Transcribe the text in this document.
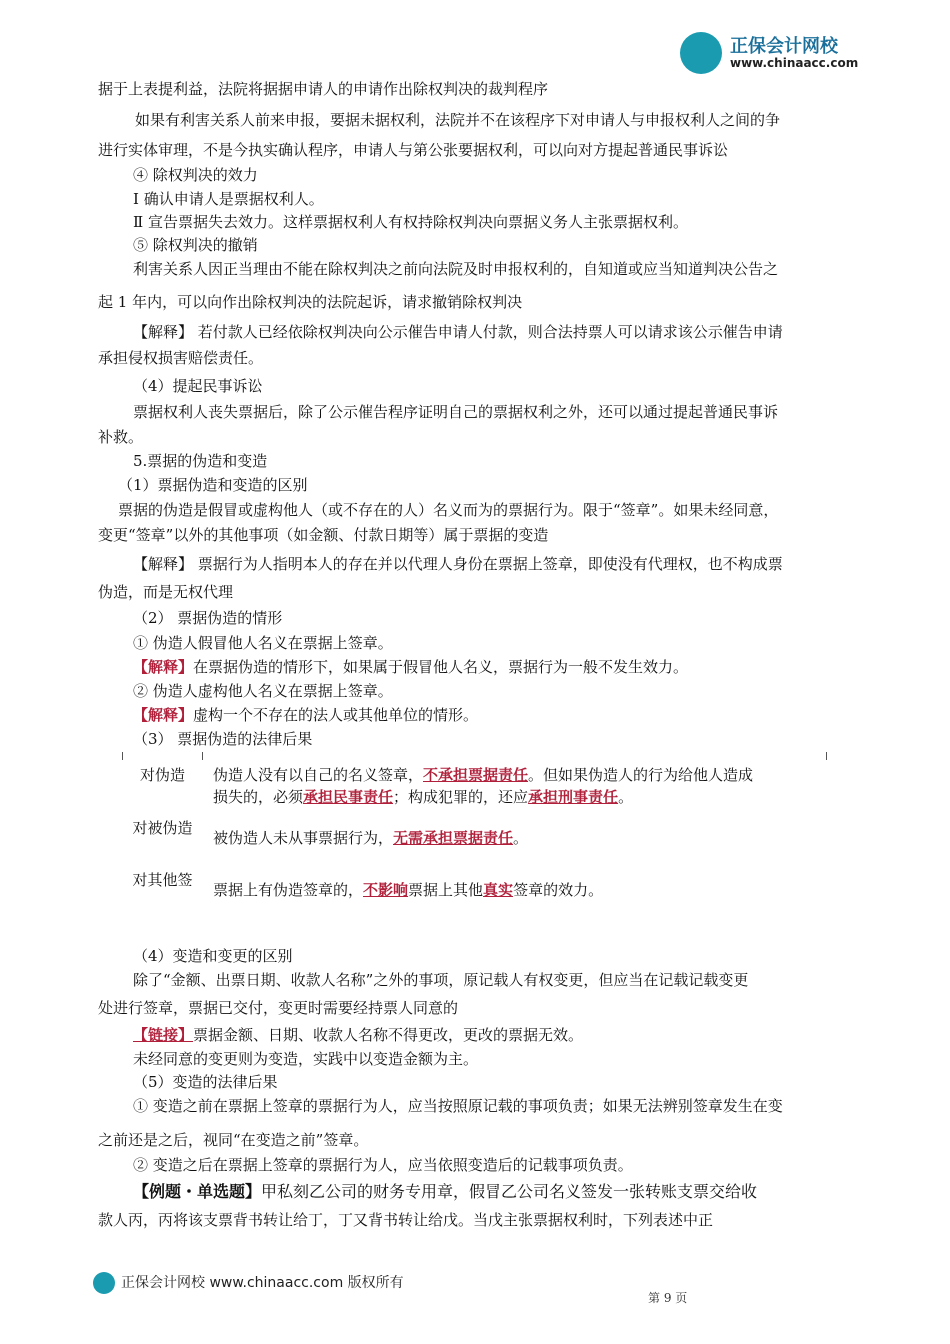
正保会计网校
www.chinaacc.com
据于上表提利益，法院将据据申请人的申请作出除权判决的裁判程序
如果有利害关系人前来申报，要据未据权利，法院并不在该程序下对申请人与申报权利人之间的争
进行实体审理，不是今执实确认程序，申请人与第公张要据权利，可以向对方提起普通民事诉讼
④ 除权判决的效力
Ⅰ 确认申请人是票据权利人。
Ⅱ 宣告票据失去效力。这样票据权利人有权持除权判决向票据义务人主张票据权利。
⑤ 除权判决的撤销
利害关系人因正当理由不能在除权判决之前向法院及时申报权利的，自知道或应当知道判决公告之
起 1 年内，可以向作出除权判决的法院起诉，请求撤销除权判决
【解释】 若付款人已经依除权判决向公示催告申请人付款，则合法持票人可以请求该公示催告申请
承担侵权损害赔偿责任。
（4）提起民事诉讼
票据权利人丧失票据后，除了公示催告程序证明自己的票据权利之外，还可以通过提起普通民事诉
补救。
5.票据的伪造和变造
（1）票据伪造和变造的区别
票据的伪造是假冒或虚构他人（或不存在的人）名义而为的票据行为。限于“签章”。如果未经同意，
变更“签章”以外的其他事项（如金额、付款日期等）属于票据的变造
【解释】 票据行为人指明本人的存在并以代理人身份在票据上签章，即使没有代理权，也不构成票
伪造，而是无权代理
（2） 票据伪造的情形
① 伪造人假冒他人名义在票据上签章。
【解释】在票据伪造的情形下，如果属于假冒他人名义，票据行为一般不发生效力。
② 伪造人虚构他人名义在票据上签章。
【解释】虚构一个不存在的法人或其他单位的情形。
（3） 票据伪造的法律后果
对伪造	伪造人没有以自己的名义签章，不承担票据责任。但如果伪造人的行为给他人造成
损失的，必须承担民事责任；构成犯罪的，还应承担刑事责任。
对被伪造
被伪造人未从事票据行为，无需承担票据责任。
对其他签
票据上有伪造签章的，不影响票据上其他真实签章的效力。
（4）变造和变更的区别
除了“金额、出票日期、收款人名称”之外的事项，原记载人有权变更，但应当在记载记载变更
处进行签章，票据已交付，变更时需要经持票人同意的
【链接】票据金额、日期、收款人名称不得更改，更改的票据无效。
未经同意的变更则为变造，实践中以变造金额为主。
（5）变造的法律后果
① 变造之前在票据上签章的票据行为人，应当按照原记载的事项负责；如果无法辨别签章发生在变
之前还是之后，视同“在变造之前”签章。
② 变造之后在票据上签章的票据行为人，应当依照变造后的记载事项负责。
【例题・单选题】甲私刻乙公司的财务专用章，假冒乙公司名义签发一张转账支票交给收
款人丙，丙将该支票背书转让给丁，丁又背书转让给戊。当戊主张票据权利时，下列表述中正
正保会计网校 www.chinaacc.com 版权所有
第 9 页
